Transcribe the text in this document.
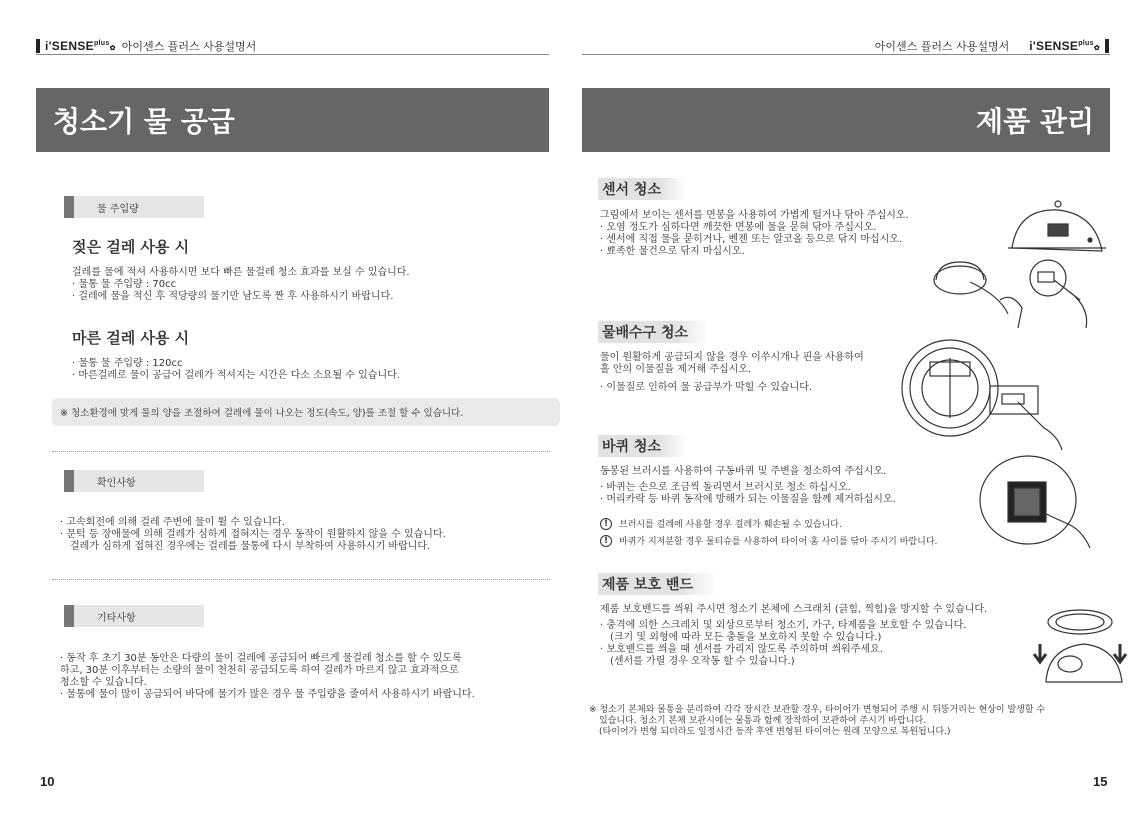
$i'SENSE^{plus}✿$ 아이센스 플러스 사용설명서	아이센스 플러스 사용설명서 $i'SENSE^{plus}✿$
청소기 물 공급	제품 관리
물 주입량
젖은 걸레 사용 시
걸레를 물에 적셔 사용하시면 보다 빠른 물걸레 청소 효과를 보실 수 있습니다.
· 물통 물 주입량 : 70cc
· 걸레에 물을 적신 후 적당량의 물기만 남도록 짠 후 사용하시기 바랍니다.
마른 걸레 사용 시
· 물통 물 주입량 : 120cc
· 마른걸레로 물이 공급어 걸레가 적셔지는 시간은 다소 소요될 수 있습니다.
※ 청소환경에 맞게 물의 양을 조절하여 걸레에 물이 나오는 정도(속도, 양)를 조절 할 수 있습니다.
확인사항
· 고속회전에 의해 걸레 주변에 물이 튈 수 있습니다.
· 문턱 등 장애물에 의해 걸레가 심하게 접혀지는 경우 동작이 원활하지 않을 수 있습니다.
걸레가 심하게 접혀진 경우에는 걸레를 물통에 다시 부착하여 사용하시기 바랍니다.
기타사항
· 동작 후 초기 30분 동안은 다량의 물이 걸레에 공급되어 빠르게 물걸레 청소를 할 수 있도록
하고, 30분 이후부터는 소량의 물이 천천히 공급되도록 하여 걸레가 마르지 않고 효과적으로
청소할 수 있습니다.
· 물통에 물이 많이 공급되어 바닥에 물기가 많은 경우 물 주입량을 줄여서 사용하시기 바랍니다.
10
센서 청소
그림에서 보이는 센서를 면봉을 사용하여 가볍게 털거나 닦아 주십시오.
· 오염 정도가 심하다면 깨끗한 면봉에 물을 묻혀 닦아 주십시오.
· 센서에 직접 물을 묻히거나, 벤젠 또는 알코올 등으로 닦지 마십시오.
· 뾰족한 물건으로 닦지 마십시오.
물배수구 청소
물이 원활하게 공급되지 않을 경우 이쑤시개나 핀을 사용하여
홀 안의 이물질을 제거해 주십시오.
· 이물질로 인하여 물 공급부가 막힐 수 있습니다.
바퀴 청소
동봉된 브러시를 사용하여 구동바퀴 및 주변을 청소하여 주십시오.
· 바퀴는 손으로 조금씩 돌리면서 브러시로 청소 하십시오.
· 머리카락 등 바퀴 동작에 방해가 되는 이물질을 함께 제거하십시오.
!	브러시를 걸레에 사용할 경우 걸레가 훼손될 수 있습니다.
!	바퀴가 지저분할 경우 물티슈를 사용하여 타이어 홈 사이를 닦아 주시기 바랍니다.
제품 보호 밴드
제품 보호밴드를 씌워 주시면 청소기 본체에 스크래치 (긁힘, 찍힘)을 방지할 수 있습니다.
· 충격에 의한 스크레치 및 외상으로부터 청소기, 가구, 타제품을 보호할 수 있습니다.
(크기 및 외형에 따라 모든 충돌을 보호하지 못할 수 있습니다.)
· 보호밴드를 씌을 때 센서를 가리지 않도록 주의하며 씌워주세요.
(센서를 가릴 경우 오작동 할 수 있습니다.)
※ 청소기 본체와 물통을 분리하여 각각 장시간 보관할 경우, 타이어가 변형되어 주행 시 뒤뚱거리는 현상이 발생할 수
있습니다. 청소기 본체 보관시에는 물통과 함께 장착하여 보관하여 주시기 바랍니다.
(타이어가 변형 되더라도 일정시간 동작 후엔 변형된 타이어는 원래 모양으로 복원됩니다.)
15
